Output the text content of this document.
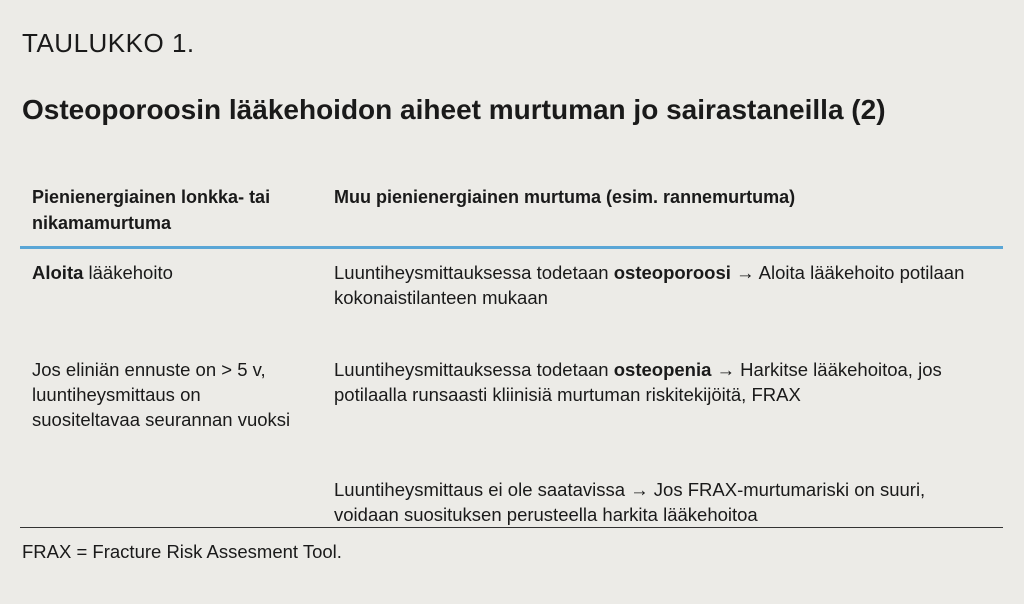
TAULUKKO 1.
Osteoporoosin lääkehoidon aiheet murtuman jo sairastaneilla (2)
Pienienergiainen lonkka- tai nikamamurtuma
Muu pienienergiainen murtuma (esim. rannemurtuma)
Aloita lääkehoito	Luuntiheysmittauksessa todetaan osteoporoosi → Aloita lääkehoito potilaan kokonaistilanteen mukaan
Jos eliniän ennuste on > 5 v, luuntiheysmittaus on suositeltavaa seurannan vuoksi
Luuntiheysmittauksessa todetaan osteopenia → Harkitse lääkehoitoa, jos potilaalla runsaasti kliinisiä murtuman riskitekijöitä, FRAX
Luuntiheysmittaus ei ole saatavissa → Jos FRAX-murtumariski on suuri, voidaan suosituksen perusteella harkita lääkehoitoa
FRAX = Fracture Risk Assesment Tool.
